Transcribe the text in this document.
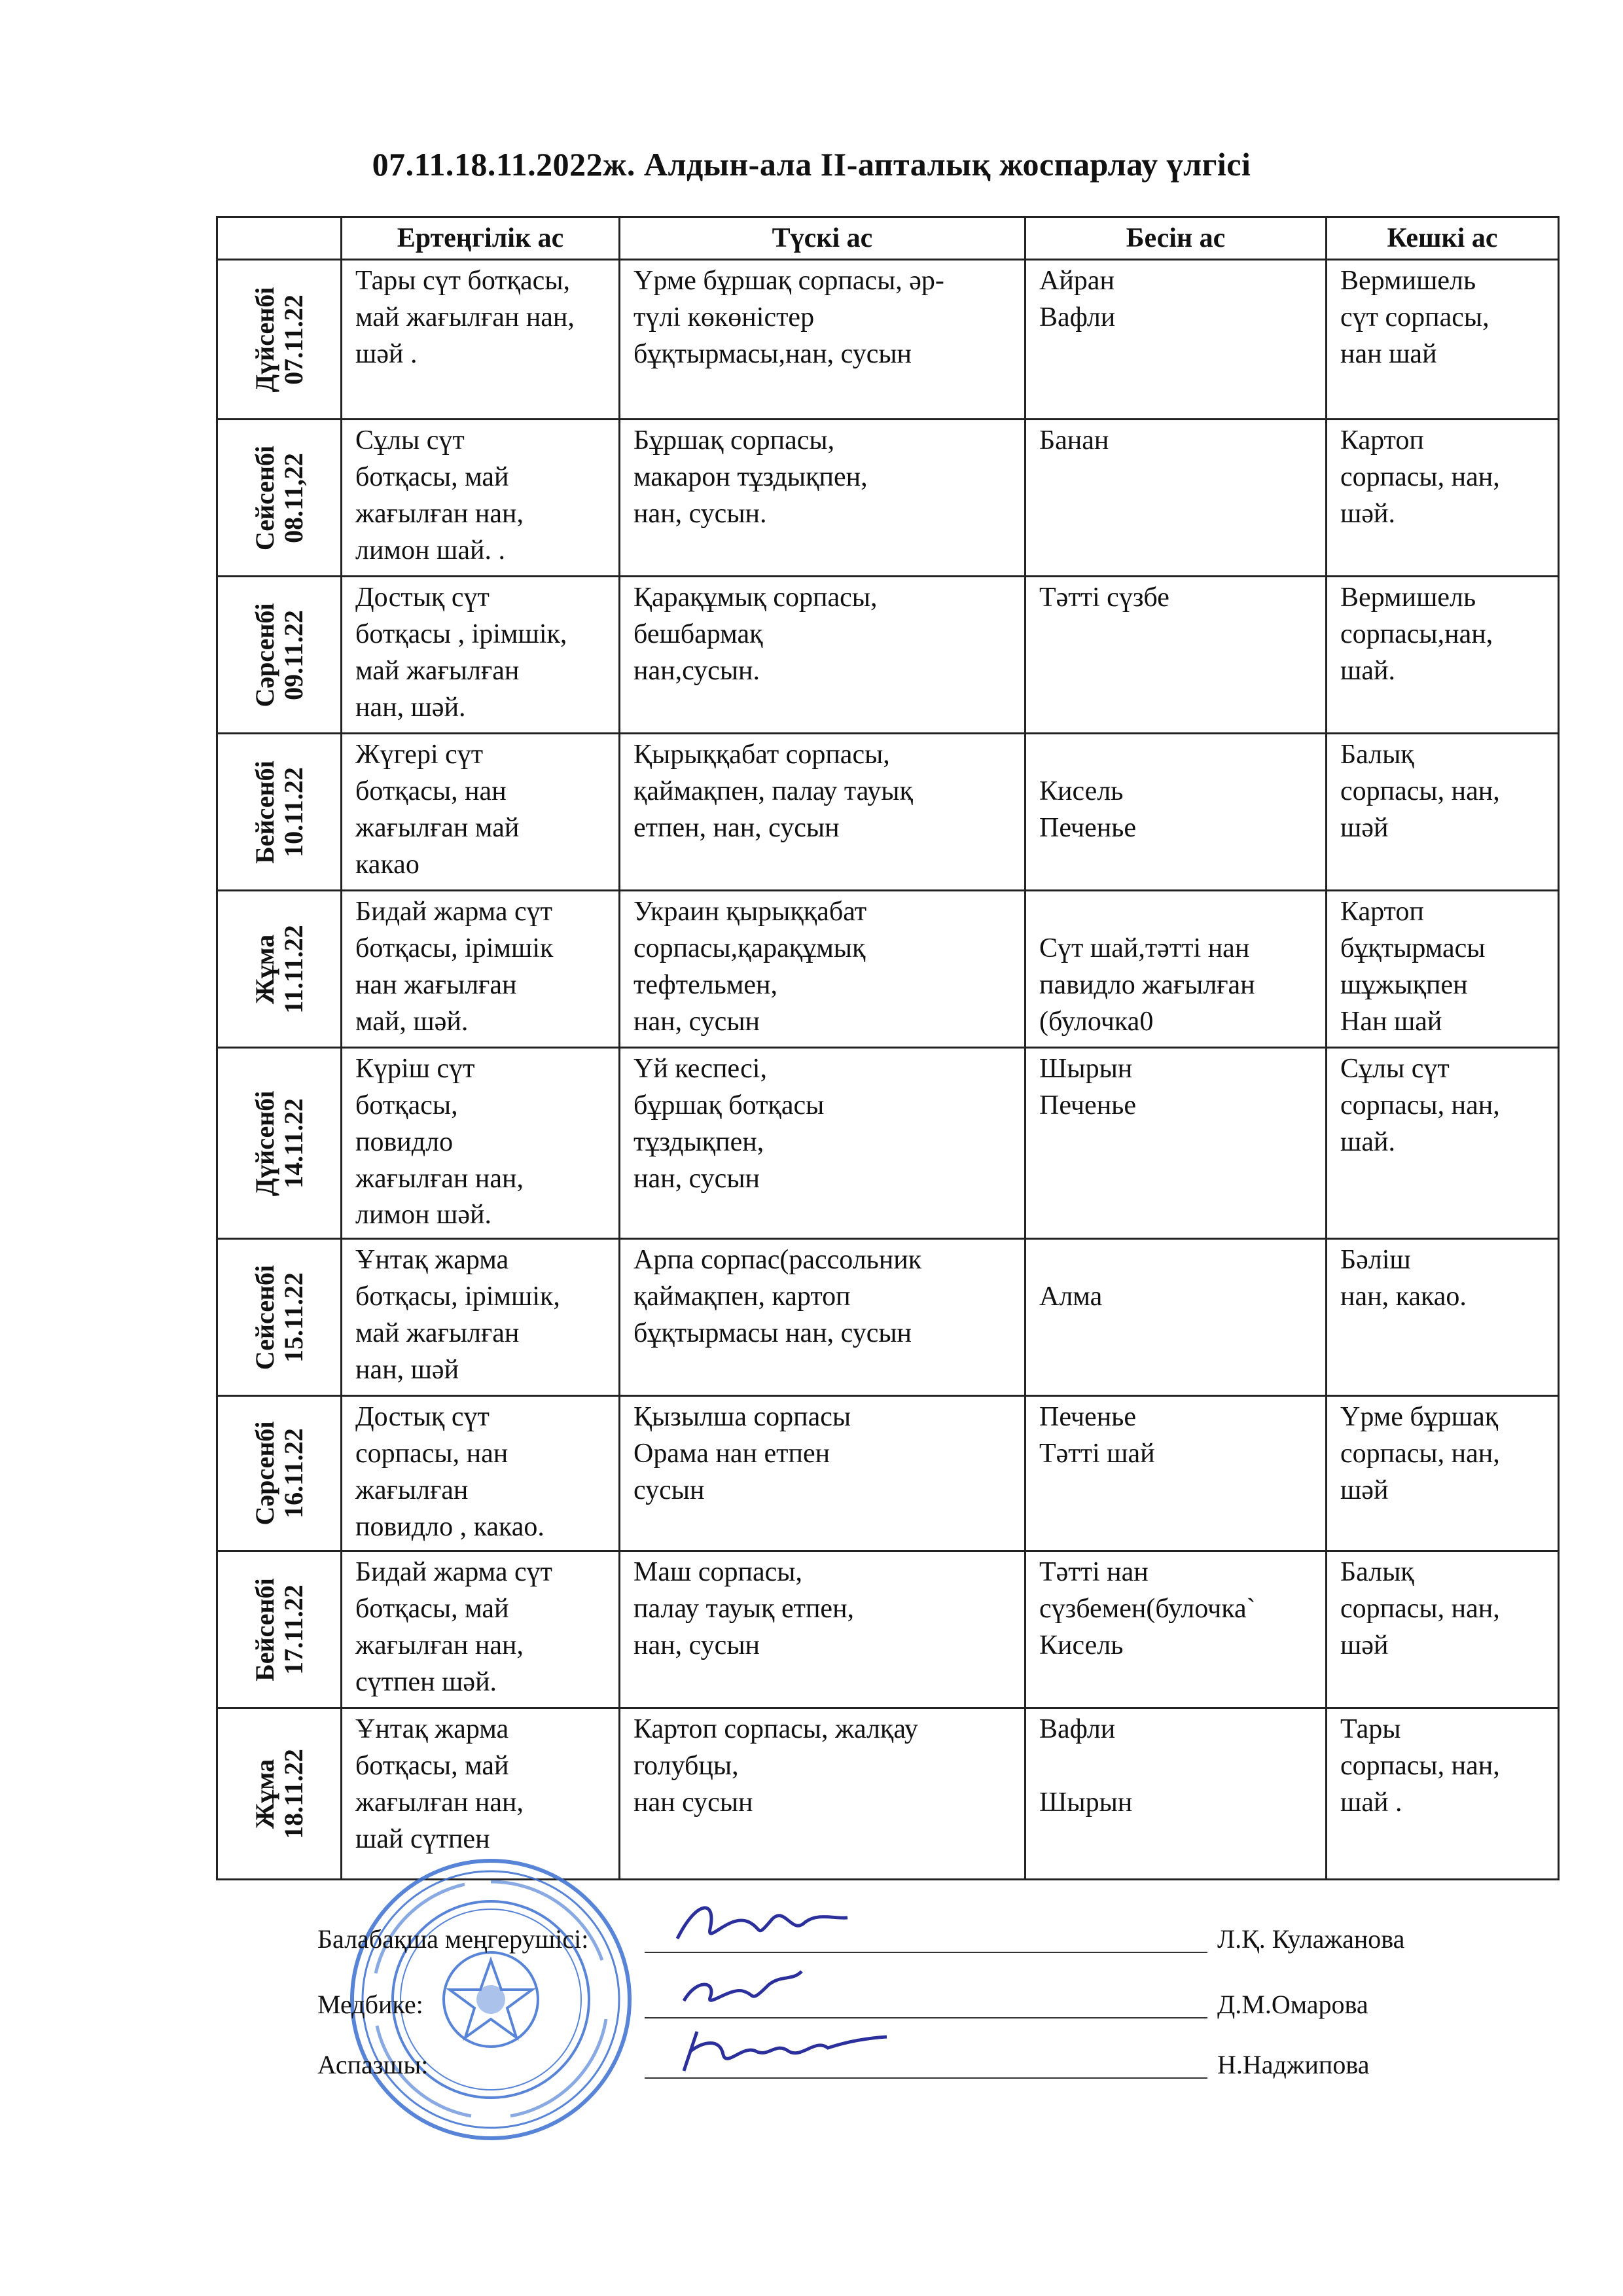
07.11.18.11.2022ж. Алдын-ала ІІ-апталық жоспарлау үлгісі
	Ертеңгілік ас	Түскі ас	Бесін ас	Кешкі ас

Дүйсенбі 07.11.22	Тары сүт ботқасы,
май жағылған нан,
шәй .	Үрме бұршақ сорпасы, әр-
түлі көкөністер
бұқтырмасы,нан, сусын	Айран
Вафли	Вермишель
сүт сорпасы,
нан шай

Сейсенбі 08.11,22	Сұлы сүт
ботқасы, май
жағылған нан,
лимон шай. .	Бұршақ сорпасы,
макарон тұздықпен,
нан, сусын.	Банан	Картоп
сорпасы, нан,
шәй.

Сәрсенбі 09.11.22	Достық сүт
ботқасы , ірімшік,
май жағылған
нан, шәй.	Қарақұмық сорпасы,
бешбармақ
нан,сусын.	Тәтті сүзбе	Вермишель
сорпасы,нан,
шай.

Бейсенбі 10.11.22	Жүгері сүт
ботқасы, нан
жағылған май
какао	Қырыққабат сорпасы,
қаймақпен, палау тауық
етпен, нан, сусын	
Кисель
Печенье	Балық
сорпасы, нан,
шәй

Жұма 11.11.22	Бидай жарма сүт
ботқасы, ірімшік
нан жағылған
май, шәй.	Украин қырыққабат
сорпасы,қарақұмық
тефтельмен,
нан, сусын	
Сүт шай,тәтті нан
павидло жағылған
(булочка0	Картоп
бұқтырмасы
шұжықпен
Нан шай

Дүйсенбі 14.11.22	Күріш сүт
ботқасы,
повидло
жағылған нан,
лимон шәй.	Үй кеспесі,
бұршақ ботқасы
тұздықпен,
нан, сусын	Шырын
Печенье	Сұлы сүт
сорпасы, нан,
шай.

Сейсенбі 15.11.22	Ұнтақ жарма
ботқасы, ірімшік,
май жағылған
нан, шәй	Арпа сорпас(рассольник
қаймақпен, картоп
бұқтырмасы нан, сусын	
Алма	Бәліш
нан, какао.

Сәрсенбі 16.11.22	Достық сүт
сорпасы, нан
жағылған
повидло , какао.	Қызылша сорпасы
Орама нан етпен
сусын	Печенье
Тәтті шай	Үрме бұршақ
сорпасы, нан,
шәй

Бейсенбі 17.11.22	Бидай жарма сүт
ботқасы, май
жағылған нан,
сүтпен шәй.	Маш сорпасы,
палау тауық етпен,
нан, сусын	Тәтті нан
сүзбемен(булочка`
Кисель	Балық
сорпасы, нан,
шәй

Жұма 18.11.22	Ұнтақ жарма
ботқасы, май
жағылған нан,
шай сүтпен	Картоп сорпасы, жалқау
голубцы,
нан сусын	Вафли

Шырын	Тары
сорпасы, нан,
шай .
Балабақша меңгерушісі:	Л.Қ. Кулажанова
Медбике:	Д.М.Омарова
Аспазшы:	Н.Наджипова
